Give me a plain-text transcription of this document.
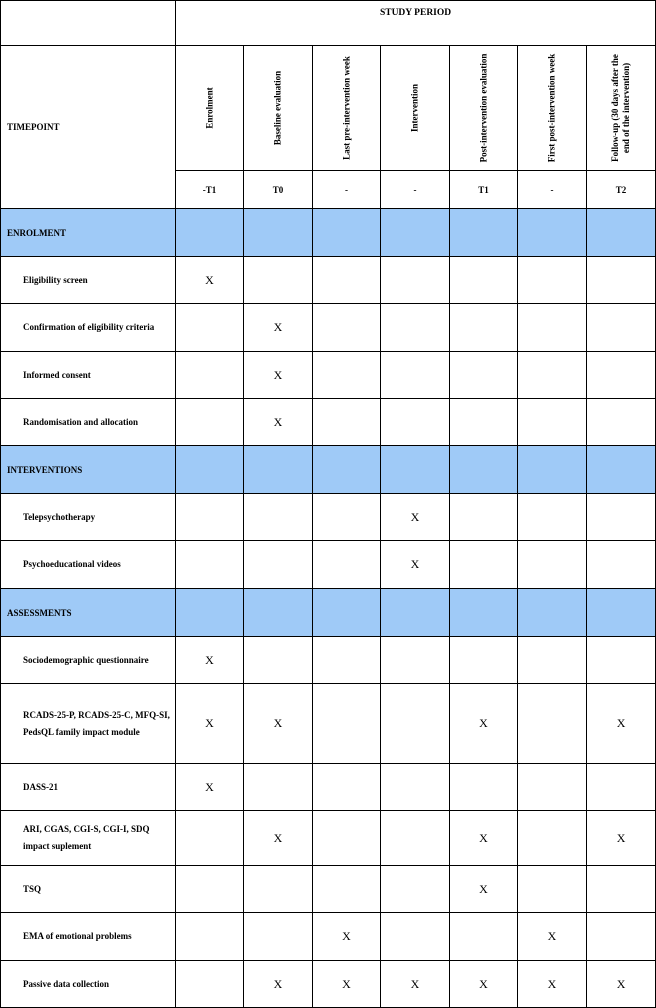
	STUDY PERIOD						
TIMEPOINT	Enrolment	Baseline evaluation	Last pre-intervention week	Intervention	Post-intervention evaluation	First post-intervention week	Follow-up (30 days after the end of the intervention)

	-T1	T0	-	-	T1	-	T2
ENROLMENT							
Eligibility screen	X						
Confirmation of eligibility criteria		X					
Informed consent		X					
Randomisation and allocation		X					
INTERVENTIONS							
Telepsychotherapy				X			
Psychoeducational videos				X			
ASSESSMENTS							
Sociodemographic questionnaire	X						
RCADS-25-P, RCADS-25-C, MFQ-SI, PedsQL family impact module	X	X			X		X
DASS-21	X						
ARI, CGAS, CGI-S, CGI-I, SDQ impact suplement		X			X		X
TSQ					X		
EMA of emotional problems			X			X	
Passive data collection		X	X	X	X	X	X
